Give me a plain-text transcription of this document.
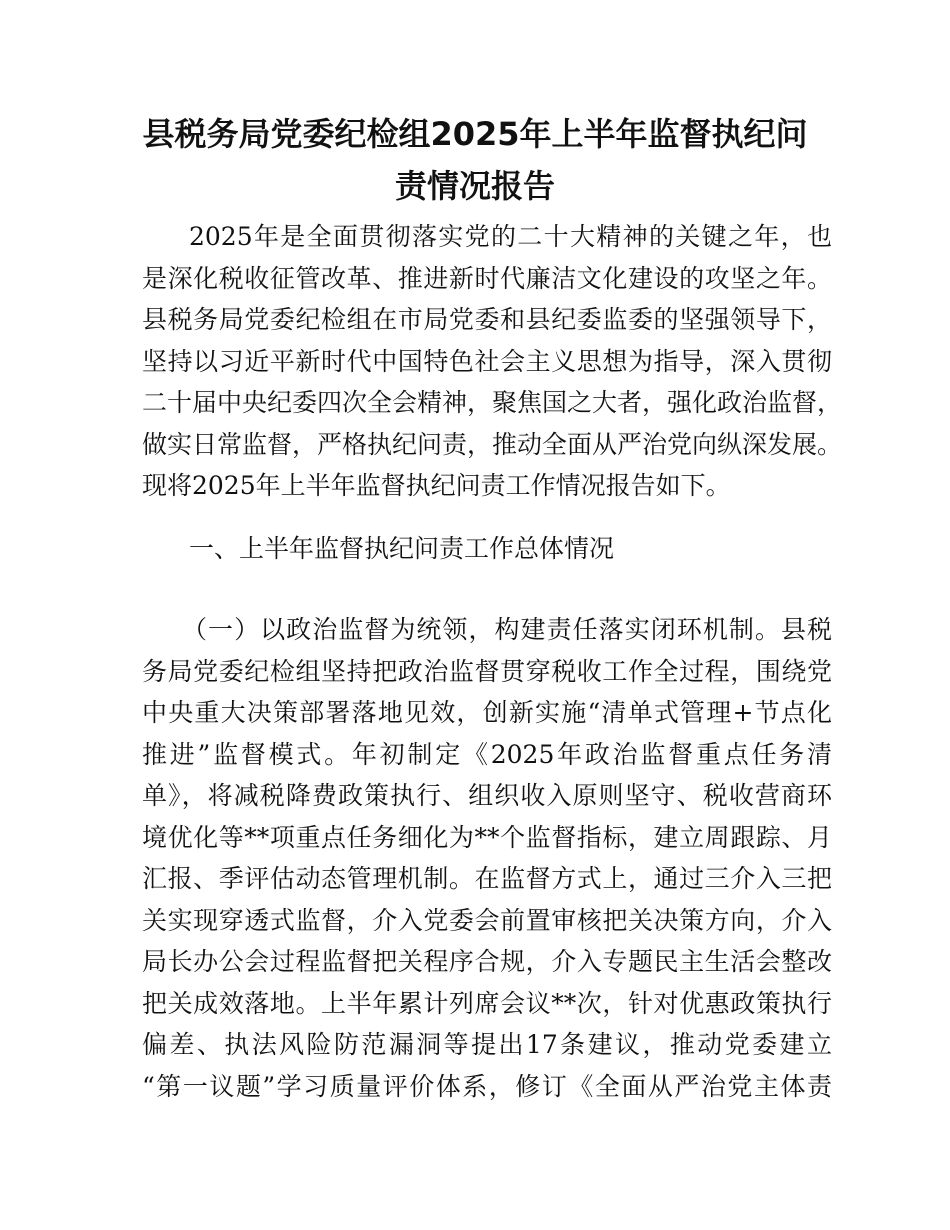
县税务局党委纪检组2025年上半年监督执纪问
责情况报告
2025年是全面贯彻落实党的二十大精神的关键之年，也
是深化税收征管改革、推进新时代廉洁文化建设的攻坚之年。
县税务局党委纪检组在市局党委和县纪委监委的坚强领导下，
坚持以习近平新时代中国特色社会主义思想为指导，深入贯彻
二十届中央纪委四次全会精神，聚焦国之大者，强化政治监督，
做实日常监督，严格执纪问责，推动全面从严治党向纵深发展。
现将2025年上半年监督执纪问责工作情况报告如下。
一、上半年监督执纪问责工作总体情况
（一）以政治监督为统领，构建责任落实闭环机制。县税
务局党委纪检组坚持把政治监督贯穿税收工作全过程，围绕党
中央重大决策部署落地见效，创新实施“清单式管理+节点化
推进”监督模式。年初制定《2025年政治监督重点任务清
单》，将减税降费政策执行、组织收入原则坚守、税收营商环
境优化等**项重点任务细化为**个监督指标，建立周跟踪、月
汇报、季评估动态管理机制。在监督方式上，通过三介入三把
关实现穿透式监督，介入党委会前置审核把关决策方向，介入
局长办公会过程监督把关程序合规，介入专题民主生活会整改
把关成效落地。上半年累计列席会议**次，针对优惠政策执行
偏差、执法风险防范漏洞等提出17条建议，推动党委建立
“第一议题”学习质量评价体系，修订《全面从严治党主体责
